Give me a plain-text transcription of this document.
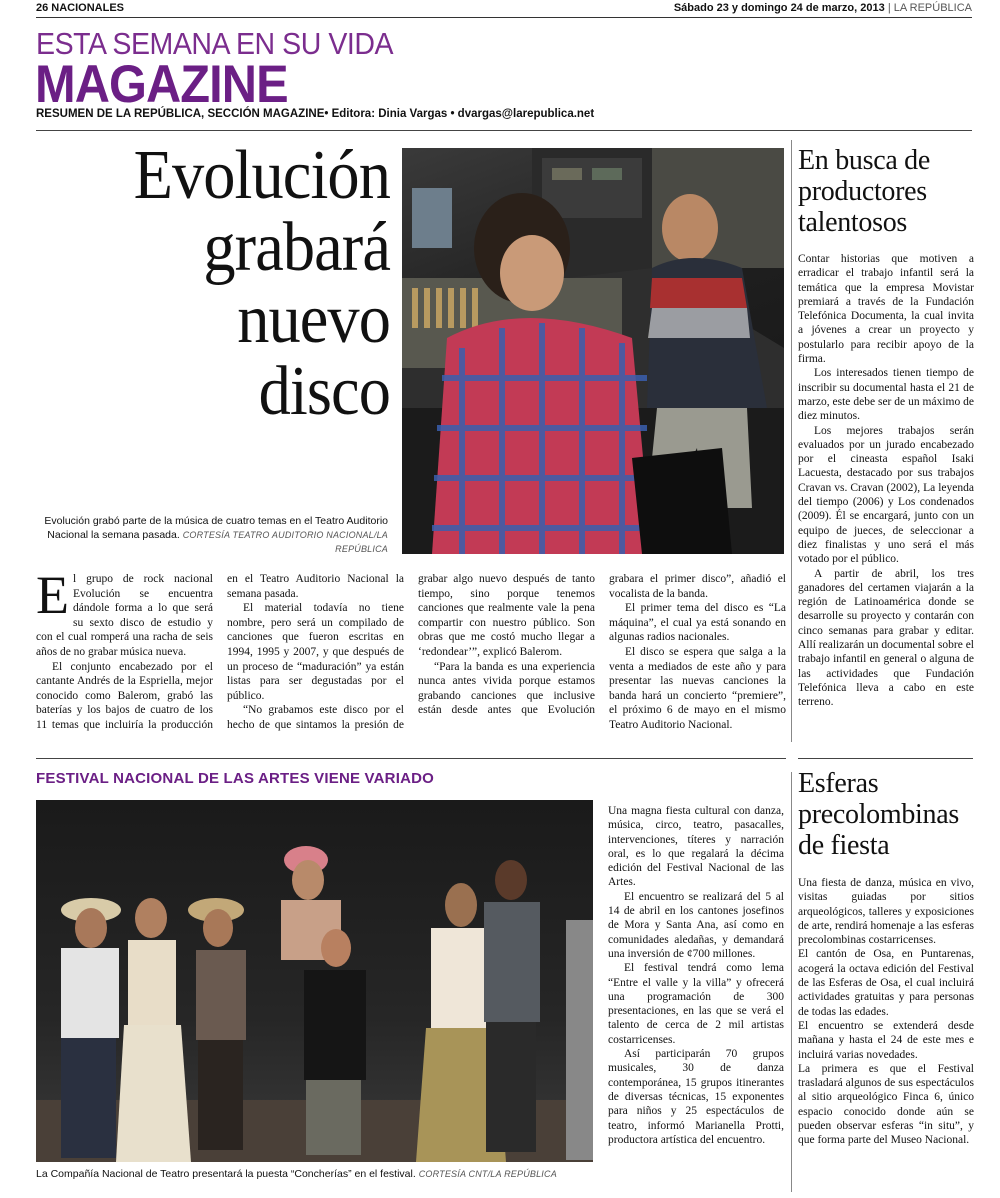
26 NACIONALES	Sábado 23 y domingo 24 de marzo, 2013 | LA REPÚBLICA
ESTA SEMANA EN SU VIDA
MAGAZINE
RESUMEN DE LA REPÚBLICA, SECCIÓN MAGAZINE• Editora: Dinia Vargas • dvargas@larepublica.net
Evolución
grabará
nuevo
disco
Evolución grabó parte de la música de cuatro temas en el Teatro Auditorio Nacional la semana pasada. CORTESÍA TEATRO AUDITORIO NACIONAL/LA REPÚBLICA

El grupo de rock nacional Evolución se encuentra dándole forma a lo que será su sexto disco de estudio y con el cual romperá una racha de seis años de no grabar música nueva.

El conjunto encabezado por el cantante Andrés de la Espriella, mejor conocido como Balerom, grabó las baterías y los bajos de cuatro de los 11 temas que incluiría la producción en el Teatro Auditorio Nacional la semana pasada.

El material todavía no tiene nombre, pero será un compilado de canciones que fueron escritas en 1994, 1995 y 2007, y que después de un proceso de “maduración” ya están listas para ser degustadas por el público.

“No grabamos este disco por el hecho de que sintamos la presión de grabar algo nuevo después de tanto tiempo, sino porque tenemos canciones que realmente vale la pena compartir con nuestro público. Son obras que me costó mucho llegar a ‘redondear’”, explicó Balerom.

“Para la banda es una experiencia nunca antes vivida porque estamos grabando canciones que inclusive están desde antes que Evolución grabara el primer disco”, añadió el vocalista de la banda.

El primer tema del disco es “La máquina”, el cual ya está sonando en algunas radios nacionales.

El disco se espera que salga a la venta a mediados de este año y para presentar las nuevas canciones la banda hará un concierto “premiere”, el próximo 6 de mayo en el mismo Teatro Auditorio Nacional.

En busca de productores talentosos

Contar historias que motiven a erradicar el trabajo infantil será la temática que la empresa Movistar premiará a través de la Fundación Telefónica Documenta, la cual invita a jóvenes a crear un proyecto y postularlo para recibir apoyo de la firma.

Los interesados tienen tiempo de inscribir su documental hasta el 21 de marzo, este debe ser de un máximo de diez minutos.

Los mejores trabajos serán evaluados por un jurado encabezado por el cineasta español Isaki Lacuesta, destacado por sus trabajos Cravan vs. Cravan (2002), La leyenda del tiempo (2006) y Los condenados (2009). Él se encargará, junto con un equipo de jueces, de seleccionar a diez finalistas y uno será el más votado por el público.

A partir de abril, los tres ganadores del certamen viajarán a la región de Latinoamérica donde se desarrolle su proyecto y contarán con cinco semanas para grabar y editar. Allí realizarán un documental sobre el trabajo infantil en general o alguna de las actividades que Fundación Telefónica lleva a cabo en este terreno.

FESTIVAL NACIONAL DE LAS ARTES VIENE VARIADO
La Compañía Nacional de Teatro presentará la puesta “Concherías” en el festival. CORTESÍA CNT/LA REPÚBLICA

Una magna fiesta cultural con danza, música, circo, teatro, pasacalles, intervenciones, títeres y narración oral, es lo que regalará la décima edición del Festival Nacional de las Artes.

El encuentro se realizará del 5 al 14 de abril en los cantones josefinos de Mora y Santa Ana, así como en comunidades aledañas, y demandará una inversión de ¢700 millones.

El festival tendrá como lema “Entre el valle y la villa” y ofrecerá una programación de 300 presentaciones, en las que se verá el talento de cerca de 2 mil artistas costarricenses.

Así participarán 70 grupos musicales, 30 de danza contemporánea, 15 grupos itinerantes de diversas técnicas, 15 exponentes para niños y 25 espectáculos de teatro, informó Marianella Protti, productora artística del encuentro.

Esferas precolombinas de fiesta

Una fiesta de danza, música en vivo, visitas guiadas por sitios arqueológicos, talleres y exposiciones de arte, rendirá homenaje a las esferas precolombinas costarricenses.

El cantón de Osa, en Puntarenas, acogerá la octava edición del Festival de las Esferas de Osa, el cual incluirá actividades gratuitas y para personas de todas las edades.

El encuentro se extenderá desde mañana y hasta el 24 de este mes e incluirá varias novedades.

La primera es que el Festival trasladará algunos de sus espectáculos al sitio arqueológico Finca 6, único espacio conocido donde aún se pueden observar esferas “in situ”, y que forma parte del Museo Nacional.
